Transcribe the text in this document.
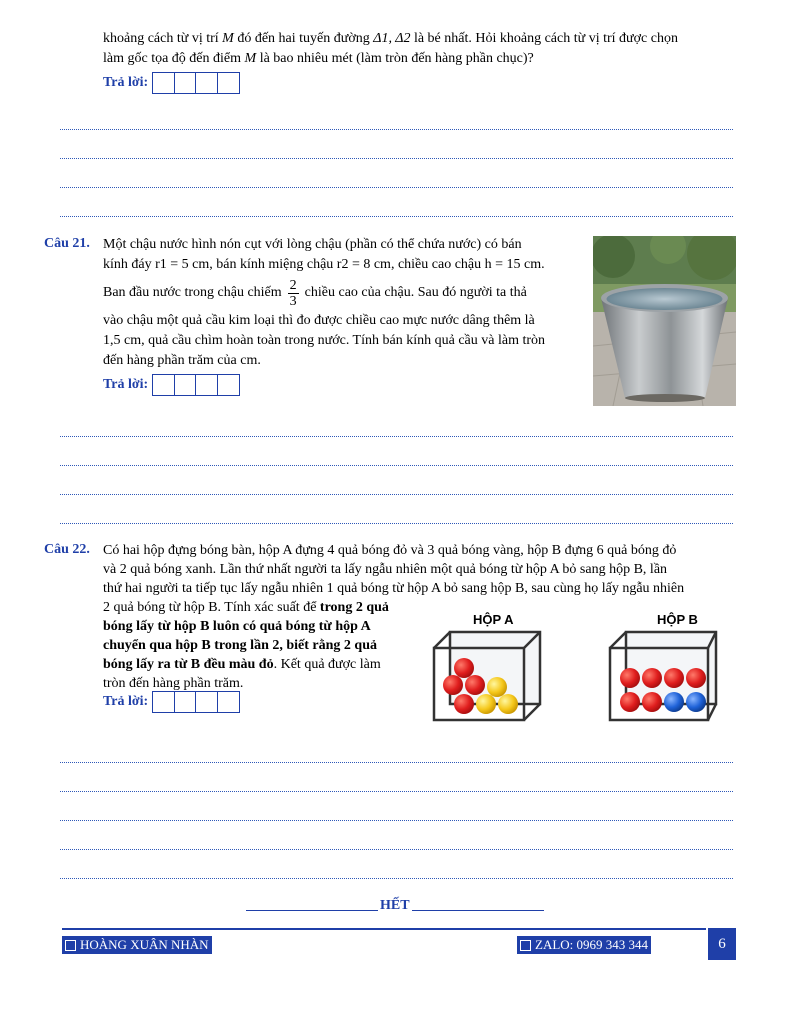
khoảng cách từ vị trí M đó đến hai tuyến đường Δ1, Δ2 là bé nhất. Hỏi khoảng cách từ vị trí được chọn
làm gốc tọa độ đến điểm M là bao nhiêu mét (làm tròn đến hàng phần chục)?
Trả lời:
Câu 21. Một chậu nước hình nón cụt với lòng chậu (phần có thể chứa nước) có bán
kính đáy r1 = 5 cm, bán kính miệng chậu r2 = 8 cm, chiều cao chậu h = 15 cm.
Ban đầu nước trong chậu chiếm 2
3
chiều cao của chậu. Sau đó người ta thả
vào chậu một quả cầu kim loại thì đo được chiều cao mực nước dâng thêm là
1,5 cm, quả cầu chìm hoàn toàn trong nước. Tính bán kính quả cầu và làm tròn
đến hàng phần trăm của cm.
Trả lời:
Câu 22. Có hai hộp đựng bóng bàn, hộp A đựng 4 quả bóng đỏ và 3 quả bóng vàng, hộp B đựng 6 quả bóng đỏ
và 2 quả bóng xanh. Lần thứ nhất người ta lấy ngẫu nhiên một quả bóng từ hộp A bỏ sang hộp B, lần
thứ hai người ta tiếp tục lấy ngẫu nhiên 1 quả bóng từ hộp A bỏ sang hộp B, sau cùng họ lấy ngẫu nhiên
2 quả bóng từ hộp B. Tính xác suất để trong 2 quả
bóng lấy từ hộp B luôn có quả bóng từ hộp A
chuyển qua hộp B trong lần 2, biết rằng 2 quả
bóng lấy ra từ B đều màu đỏ. Kết quả được làm
tròn đến hàng phần trăm.
HỘP A	HỘP B
Trả lời:
HẾT
HOÀNG XUÂN NHÀN	ZALO: 0969 343 344	6
